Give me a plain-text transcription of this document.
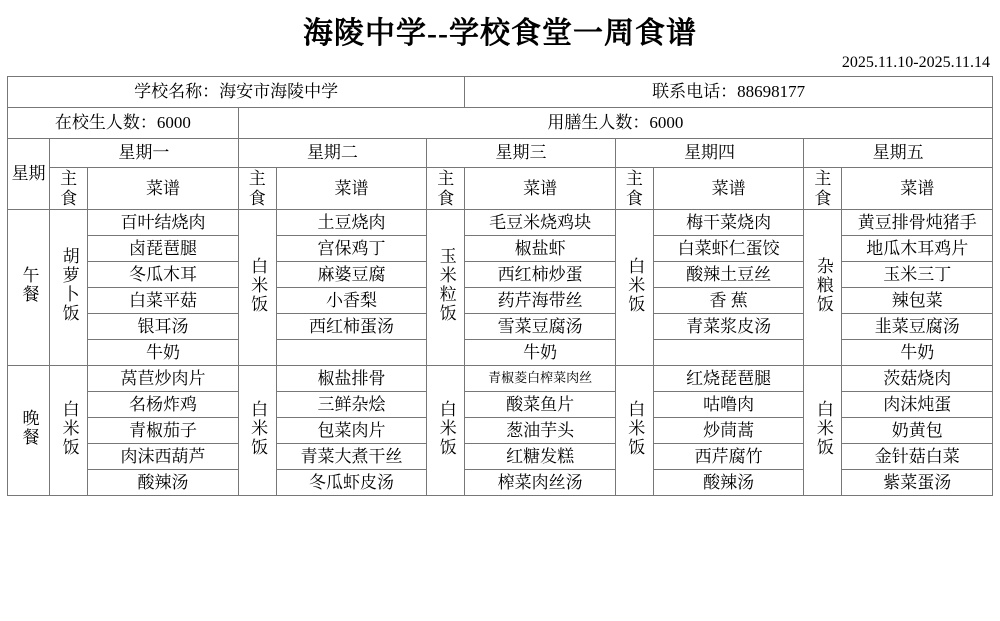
海陵中学--学校食堂一周食谱
2025.11.10-2025.11.14
学校名称：海安市海陵中学						联系电话：88698177				
在校生人数：6000			用膳生人数：6000							
星期	星期一		星期二		星期三		星期四		星期五	
	主食	菜谱	主食	菜谱	主食	菜谱	主食	菜谱	主食	菜谱
午餐	胡萝卜饭	百叶结烧肉	白米饭	土豆烧肉	玉米粒饭	毛豆米烧鸡块	白米饭	梅干菜烧肉	杂粮饭	黄豆排骨炖猪手
		卤琵琶腿		宫保鸡丁		椒盐虾		白菜虾仁蛋饺		地瓜木耳鸡片
		冬瓜木耳		麻婆豆腐		西红柿炒蛋		酸辣土豆丝		玉米三丁
		白菜平菇		小香梨		药芹海带丝		香 蕉		辣包菜
		银耳汤		西红柿蛋汤		雪菜豆腐汤		青菜浆皮汤		韭菜豆腐汤
		牛奶				牛奶				牛奶
晚餐	白米饭	莴苣炒肉片	白米饭	椒盐排骨	白米饭	青椒菱白榨菜肉丝	白米饭	红烧琵琶腿	白米饭	茨菇烧肉
		名杨炸鸡		三鲜杂烩		酸菜鱼片		咕噜肉		肉沫炖蛋
		青椒茄子		包菜肉片		葱油芋头		炒茼蒿		奶黄包
		肉沫西葫芦		青菜大煮干丝		红糖发糕		西芹腐竹		金针菇白菜
		酸辣汤		冬瓜虾皮汤		榨菜肉丝汤		酸辣汤		紫菜蛋汤
